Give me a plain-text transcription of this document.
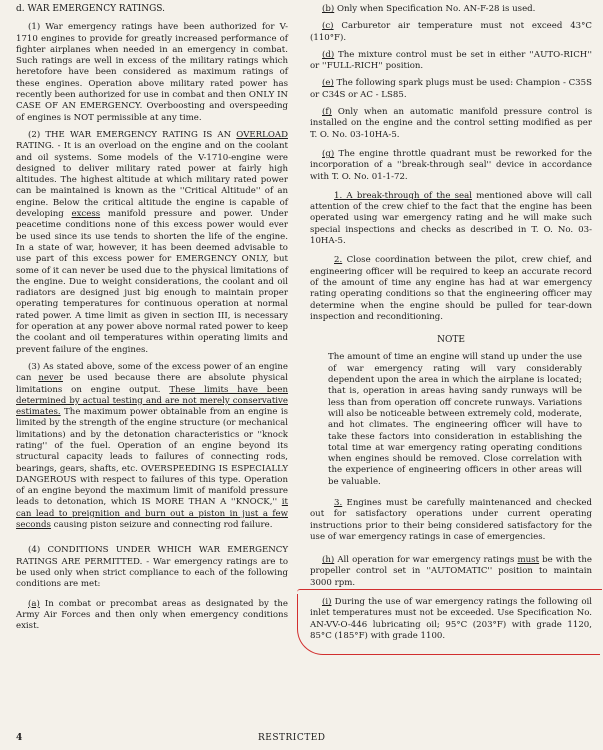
d. WAR EMERGENCY RATINGS.

(1) War emergency ratings have been authorized for V-1710 engines to provide for greatly increased performance of fighter airplanes when needed in an emergency in combat. Such ratings are well in excess of the military ratings which heretofore have been considered as maximum ratings of these engines. Operation above military rated power has recently been authorized for use in combat and then ONLY IN CASE OF AN EMERGENCY. Overboosting and overspeeding of engines is NOT permissible at any time.

(2) THE WAR EMERGENCY RATING IS AN OVERLOAD RATING. - It is an overload on the engine and on the coolant and oil systems. Some models of the V-1710-engine were designed to deliver military rated power at fairly high altitudes. The highest altitude at which military rated power can be maintained is known as the ''Critical Altitude'' of an engine. Below the critical altitude the engine is capable of developing excess manifold pressure and power. Under peacetime conditions none of this excess power would ever be used since its use tends to shorten the life of the engine. In a state of war, however, it has been deemed advisable to use part of this excess power for EMERGENCY ONLY, but some of it can never be used due to the physical limitations of the engine. Due to weight considerations, the coolant and oil radiators are designed just big enough to maintain proper operating temperatures for continuous operation at normal rated power. A time limit as given in section III, is necessary for operation at any power above normal rated power to keep the coolant and oil temperatures within operating limits and prevent failure of the engines.

(3) As stated above, some of the excess power of an engine can never be used because there are absolute physical limitations on engine output. These limits have been determined by actual testing and are not merely conservative estimates. The maximum power obtainable from an engine is limited by the strength of the engine structure (or mechanical limitations) and by the detonation characteristics or ''knock rating'' of the fuel. Operation of an engine beyond its structural capacity leads to failures of connecting rods, bearings, gears, shafts, etc. OVERSPEEDING IS ESPECIALLY DANGEROUS with respect to failures of this type. Operation of an engine beyond the maximum limit of manifold pressure leads to detonation, which IS MORE THAN A ''KNOCK,'' it can lead to preignition and burn out a piston in just a few seconds causing piston seizure and connecting rod failure.

(4) CONDITIONS UNDER WHICH WAR EMERGENCY RATINGS ARE PERMITTED. - War emergency ratings are to be used only when strict compliance to each of the following conditions are met:

(a) In combat or precombat areas as designated by the Army Air Forces and then only when emergency conditions exist.

(b) Only when Specification No. AN-F-28 is used.

(c) Carburetor air temperature must not exceed 43°C (110°F).

(d) The mixture control must be set in either ''AUTO-RICH'' or ''FULL-RICH'' position.

(e) The following spark plugs must be used: Champion - C35S or C34S or AC - LS85.

(f) Only when an automatic manifold pressure control is installed on the engine and the control setting modified as per T. O. No. 03-10HA-5.

(g) The engine throttle quadrant must be reworked for the incorporation of a ''break-through seal'' device in accordance with T. O. No. 01-1-72.

1. A break-through of the seal mentioned above will call attention of the crew chief to the fact that the engine has been operated using war emergency rating and he will make such special inspections and checks as described in T. O. No. 03-10HA-5.

2. Close coordination between the pilot, crew chief, and engineering officer will be required to keep an accurate record of the amount of time any engine has had at war emergency rating operating conditions so that the engineering officer may determine when the engine should be pulled for tear-down inspection and reconditioning.

NOTE

The amount of time an engine will stand up under the use of war emergency rating will vary considerably dependent upon the area in which the airplane is located; that is, operation in areas having sandy runways will be less than from operation off concrete runways. Variations will also be noticeable between extremely cold, moderate, and hot climates. The engineering officer will have to take these factors into consideration in establishing the total time at war emergency rating operating conditions when engines should be removed. Close correlation with the experience of engineering officers in other areas will be valuable.

3. Engines must be carefully maintenanced and checked out for satisfactory operations under current operating instructions prior to their being considered satisfactory for the use of war emergency ratings in case of emergencies.

(h) All operation for war emergency ratings must be with the propeller control set in ''AUTOMATIC'' position to maintain 3000 rpm.

(i) During the use of war emergency ratings the following oil inlet temperatures must not be exceeded. Use Specification No. AN-VV-O-446 lubricating oil; 95°C (203°F) with grade 1120, 85°C (185°F) with grade 1100.

4	RESTRICTED
